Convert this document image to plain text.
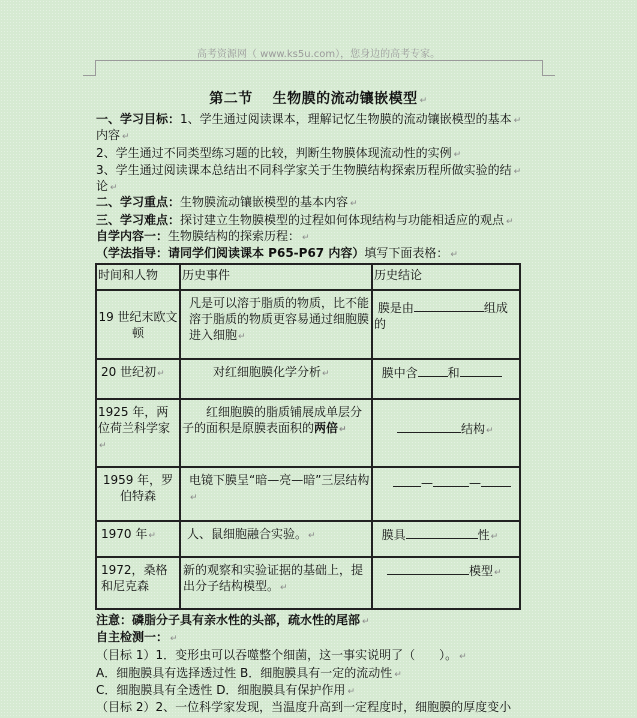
高考资源网（ www.ks5u.com），您身边的高考专家。
第二节　 生物膜的流动镶嵌模型 ↵
一、学习目标：1、学生通过阅读课本，理解记忆生物膜的流动镶嵌模型的基本 ↵
内容 ↵
2、学生通过不同类型练习题的比较，判断生物膜体现流动性的实例 ↵
3、学生通过阅读课本总结出不同科学家关于生物膜结构探索历程所做实验的结 ↵
论 ↵
二、学习重点：生物膜流动镶嵌模型的基本内容 ↵
三、学习难点：探讨建立生物膜模型的过程如何体现结构与功能相适应的观点 ↵
自学内容一：生物膜结构的探索历程： ↵
（学法指导：请同学们阅读课本 P65-P67 内容）填写下面表格： ↵
时间和人物	历史事件	历史结论
19 世纪末欧文顿	凡是可以溶于脂质的物质，比不能溶于脂质的物质更容易通过细胞膜进入细胞 ↵	膜是由 组成的
20 世纪初 ↵	对红细胞膜化学分析 ↵	膜中含 和
1925 年，两位荷兰科学家 ↵	红细胞膜的脂质铺展成单层分子的面积是原膜表面积的两倍 ↵	结构 ↵
1959 年，罗伯特森	电镜下膜呈“暗—亮—暗”三层结构 ↵	— —
1970 年 ↵	人、鼠细胞融合实验。 ↵	膜具 性 ↵
1972，桑格和尼克森	新的观察和实验证据的基础上，提出分子结构模型。 ↵	模型 ↵
注意：磷脂分子具有亲水性的头部，疏水性的尾部 ↵
自主检测一： ↵
（目标 1）1．变形虫可以吞噬整个细菌，这一事实说明了（　　）。 ↵
A．细胞膜具有选择透过性 B．细胞膜具有一定的流动性 ↵
C．细胞膜具有全透性 D．细胞膜具有保护作用 ↵
（目标 2）2、一位科学家发现，当温度升高到一定程度时，细胞膜的厚度变小
